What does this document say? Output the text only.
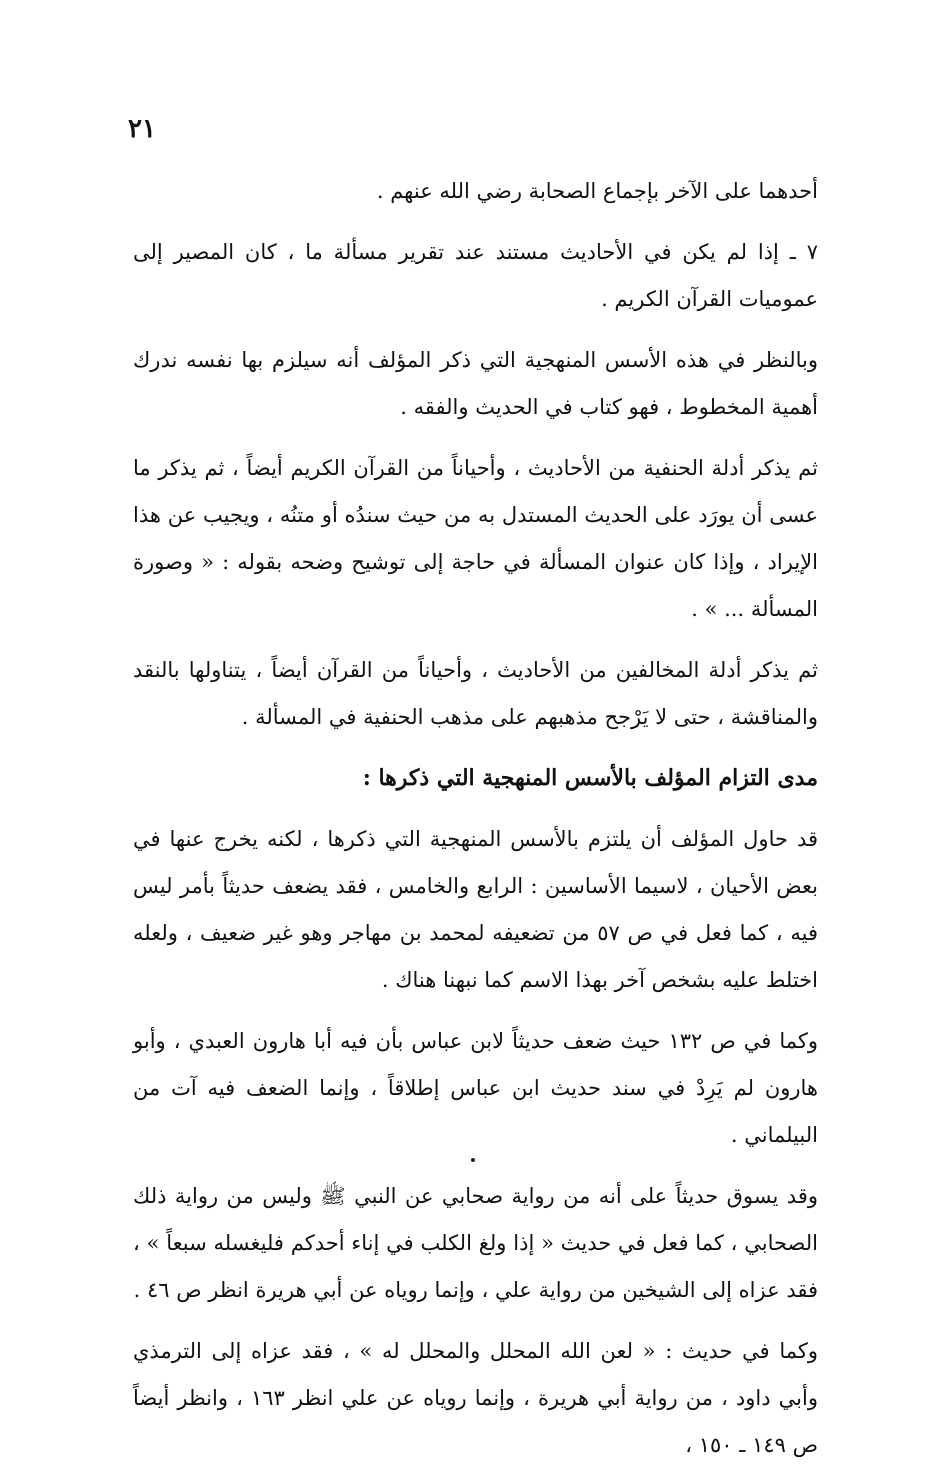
٢١

أحدهما على الآخر بإجماع الصحابة رضي الله عنهم .

٧ ـ إذا لم يكن في الأحاديث مستند عند تقرير مسألة ما ، كان المصير إلى عموميات القرآن الكريم .

وبالنظر في هذه الأسس المنهجية التي ذكر المؤلف أنه سيلزم بها نفسه ندرك أهمية المخطوط ، فهو كتاب في الحديث والفقه .

ثم يذكر أدلة الحنفية من الأحاديث ، وأحياناً من القرآن الكريم أيضاً ، ثم يذكر ما عسى أن يورَد على الحديث المستدل به من حيث سندُه أو متنُه ، ويجيب عن هذا الإيراد ، وإذا كان عنوان المسألة في حاجة إلى توشيح وضحه بقوله : « وصورة المسألة ... » .

ثم يذكر أدلة المخالفين من الأحاديث ، وأحياناً من القرآن أيضاً ، يتناولها بالنقد والمناقشة ، حتى لا يَرْجح مذهبهم على مذهب الحنفية في المسألة .

مدى التزام المؤلف بالأسس المنهجية التي ذكرها :

قد حاول المؤلف أن يلتزم بالأسس المنهجية التي ذكرها ، لكنه يخرج عنها في بعض الأحيان ، لاسيما الأساسين : الرابع والخامس ، فقد يضعف حديثاً بأمر ليس فيه ، كما فعل في ص ٥٧ من تضعيفه لمحمد بن مهاجر وهو غير ضعيف ، ولعله اختلط عليه بشخص آخر بهذا الاسم كما نبهنا هناك .

وكما في ص ١٣٢ حيث ضعف حديثاً لابن عباس بأن فيه أبا هارون العبدي ، وأبو هارون لم يَرِدْ في سند حديث ابن عباس إطلاقاً ، وإنما الضعف فيه آت من البيلماني .

وقد يسوق حديثاً على أنه من رواية صحابي عن النبي ﷺ وليس من رواية ذلك الصحابي ، كما فعل في حديث « إذا ولغ الكلب في إناء أحدكم فليغسله سبعاً » ، فقد عزاه إلى الشيخين من رواية علي ، وإنما روياه عن أبي هريرة انظر ص ٤٦ .

وكما في حديث : « لعن الله المحلل والمحلل له » ، فقد عزاه إلى الترمذي وأبي داود ، من رواية أبي هريرة ، وإنما روياه عن علي انظر ١٦٣ ، وانظر أيضاً ص ١٤٩ ـ ١٥٠ ،
